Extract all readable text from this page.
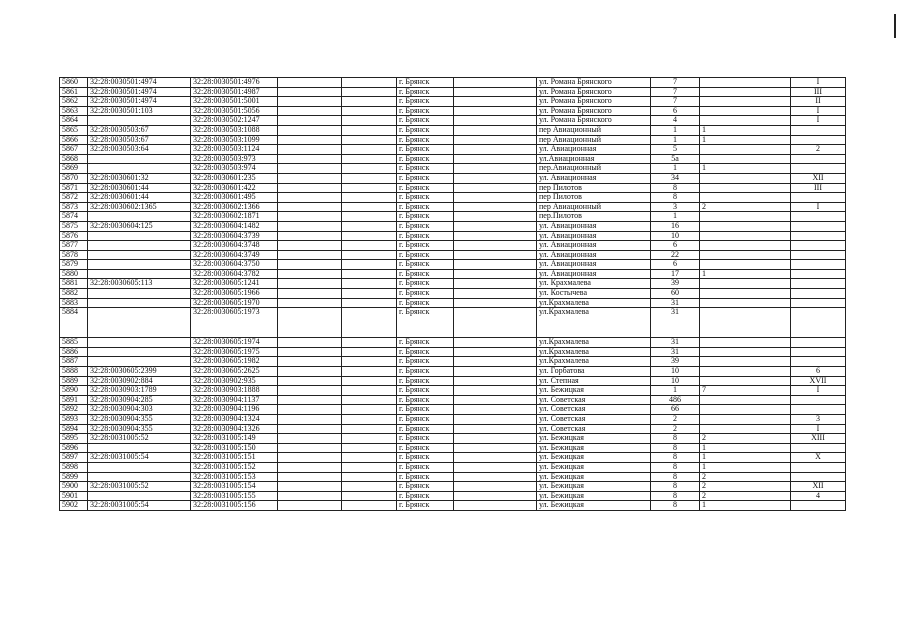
5860	32:28:0030501:4974	32:28:0030501:4976			г. Брянск		ул. Романа Брянского	7		I
5861	32:28:0030501:4974	32:28:0030501:4987			г. Брянск		ул. Романа Брянского	7		III
5862	32:28:0030501:4974	32:28:0030501:5001			г. Брянск		ул. Романа Брянского	7		II
5863	32:28:0030501:103	32:28:0030501:5056			г. Брянск		ул. Романа Брянского	6		I
5864		32:28:0030502:1247			г. Брянск		ул. Романа Брянского	4		I
5865	32:28:0030503:67	32:28:0030503:1088			г. Брянск		пер Авиационный	1	1	
5866	32:28:0030503:67	32:28:0030503:1099			г. Брянск		пер Авиационный	1	1	
5867	32:28:0030503:64	32:28:0030503:1124			г. Брянск		ул. Авиационная	5		2
5868		32:28:0030503:973			г. Брянск		ул.Авиационная	5а		
5869		32:28:0030503:974			г. Брянск		пер.Авиационный	1	1	
5870	32:28:0030601:32	32:28:0030601:235			г. Брянск		ул. Авиационная	34		XII
5871	32:28:0030601:44	32:28:0030601:422			г. Брянск		пер Пилотов	8		III
5872	32:28:0030601:44	32:28:0030601:495			г. Брянск		пер Пилотов	8		
5873	32:28:0030602:1365	32:28:0030602:1366			г. Брянск		пер Авиационный	3	2	I
5874		32:28:0030602:1871			г. Брянск		пер.Пилотов	1		
5875	32:28:0030604:125	32:28:0030604:1482			г. Брянск		ул. Авиационная	16		
5876		32:28:0030604:3739			г. Брянск		ул. Авиационная	10		
5877		32:28:0030604:3748			г. Брянск		ул. Авиационная	6		
5878		32:28:0030604:3749			г. Брянск		ул. Авиационная	22		
5879		32:28:0030604:3750			г. Брянск		ул. Авиационная	6		
5880		32:28:0030604:3782			г. Брянск		ул. Авиационная	17	1	
5881	32:28:0030605:113	32:28:0030605:1241			г. Брянск		ул. Крахмалева	39		
5882		32:28:0030605:1966			г. Брянск		ул. Костычева	60		
5883		32:28:0030605:1970			г. Брянск		ул.Крахмалева	31		
5884		32:28:0030605:1973			г. Брянск		ул.Крахмалева	31		
5885		32:28:0030605:1974			г. Брянск		ул.Крахмалева	31		
5886		32:28:0030605:1975			г. Брянск		ул.Крахмалева	31		
5887		32:28:0030605:1982			г. Брянск		ул.Крахмалева	39		
5888	32:28:0030605:2399	32:28:0030605:2625			г. Брянск		ул. Горбатова	10		6
5889	32:28:0030902:884	32:28:0030902:935			г. Брянск		ул. Степная	10		XVII
5890	32:28:0030903:1789	32:28:0030903:1888			г. Брянск		ул. Бежицкая	1	7	I
5891	32:28:0030904:285	32:28:0030904:1137			г. Брянск		ул. Советская	486		
5892	32:28:0030904:303	32:28:0030904:1196			г. Брянск		ул. Советская	66		
5893	32:28:0030904:355	32:28:0030904:1324			г. Брянск		ул. Советская	2		3
5894	32:28:0030904:355	32:28:0030904:1326			г. Брянск		ул. Советская	2		I
5895	32:28:0031005:52	32:28:0031005:149			г. Брянск		ул. Бежицкая	8	2	XIII
5896		32:28:0031005:150			г. Брянск		ул. Бежицкая	8	1	
5897	32:28:0031005:54	32:28:0031005:151			г. Брянск		ул. Бежицкая	8	1	X
5898		32:28:0031005:152			г. Брянск		ул. Бежицкая	8	1	
5899		32:28:0031005:153			г. Брянск		ул. Бежицкая	8	2	
5900	32:28:0031005:52	32:28:0031005:154			г. Брянск		ул. Бежицкая	8	2	XII
5901		32:28:0031005:155			г. Брянск		ул. Бежицкая	8	2	4
5902	32:28:0031005:54	32:28:0031005:156			г. Брянск		ул. Бежицкая	8	1	
